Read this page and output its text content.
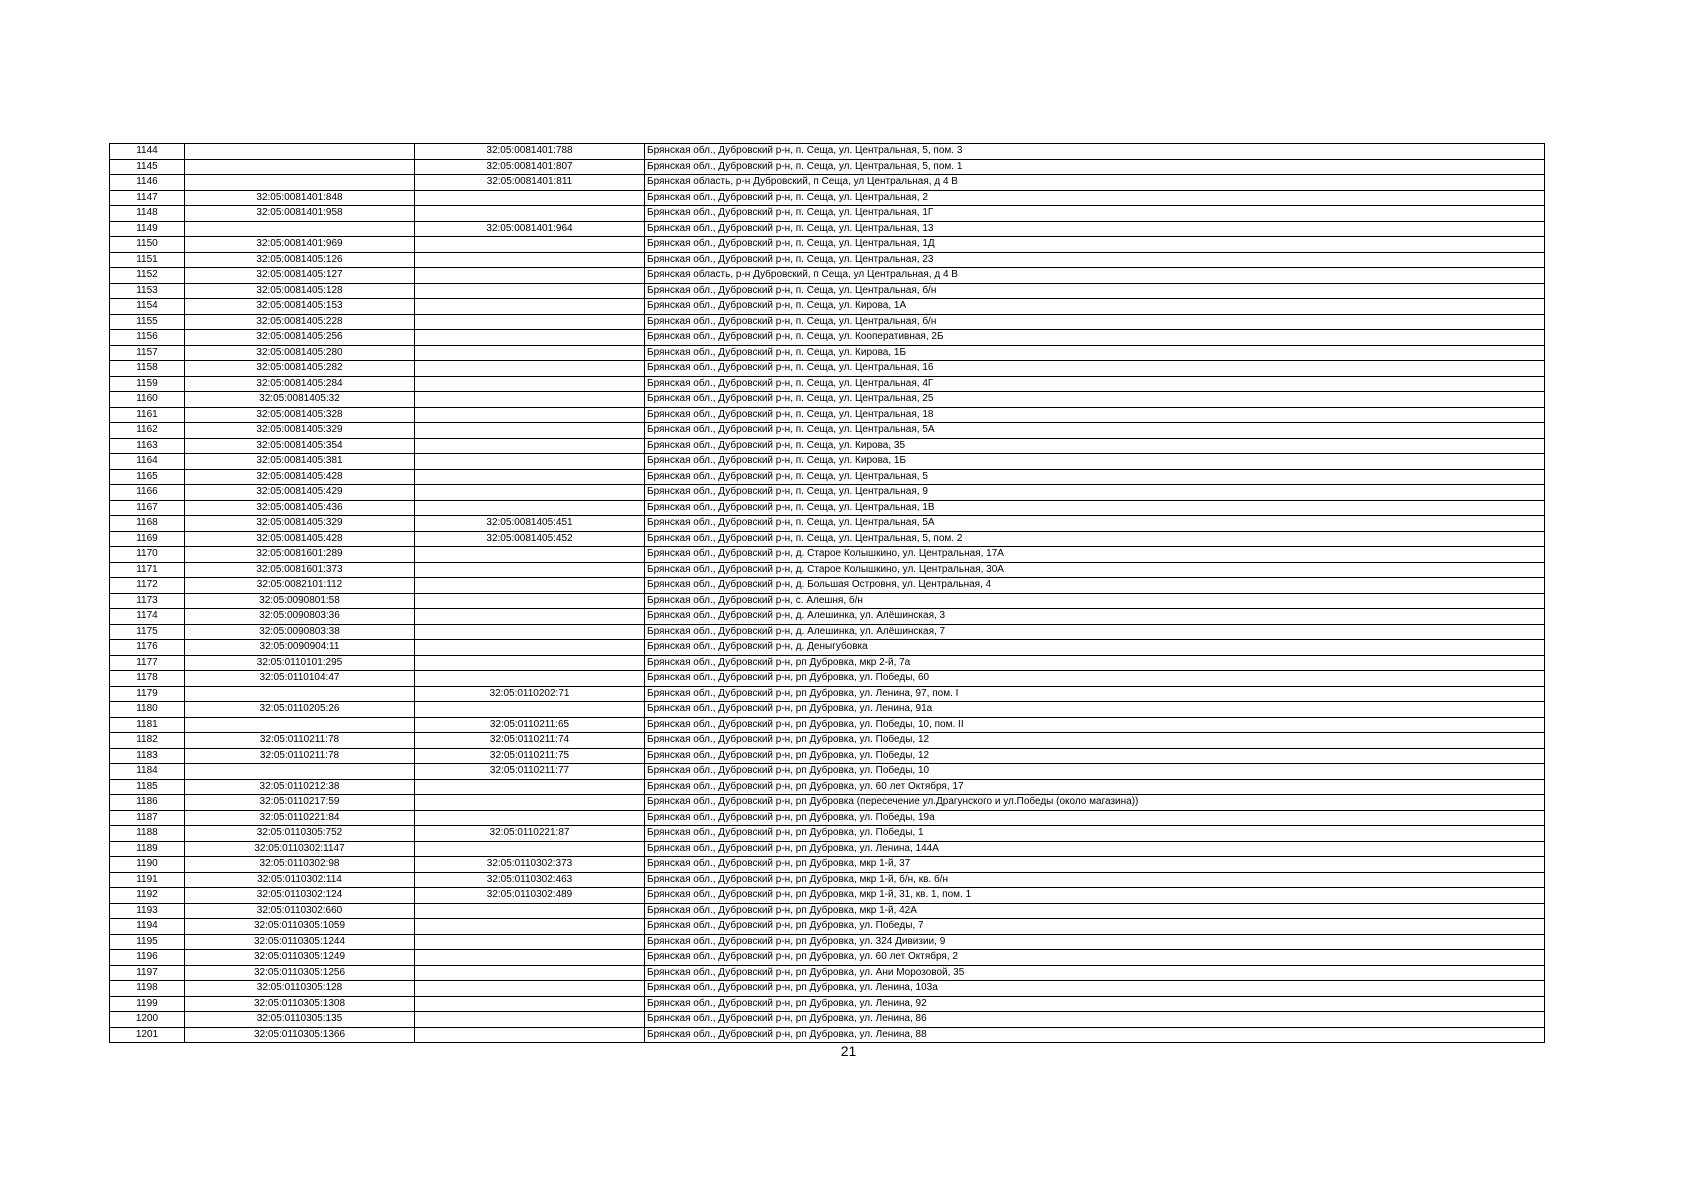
1144		32:05:0081401:788	Брянская обл., Дубровский р-н, п. Сеща, ул. Центральная, 5, пом. 3
1145		32:05:0081401:807	Брянская обл., Дубровский р-н, п. Сеща, ул. Центральная, 5, пом. 1
1146		32:05:0081401:811	Брянская область, р-н Дубровский, п Сеща, ул Центральная, д 4 В
1147	32:05:0081401:848		Брянская обл., Дубровский р-н, п. Сеща, ул. Центральная, 2
1148	32:05:0081401:958		Брянская обл., Дубровский р-н, п. Сеща, ул. Центральная, 1Г
1149		32:05:0081401:964	Брянская обл., Дубровский р-н, п. Сеща, ул. Центральная, 13
1150	32:05:0081401:969		Брянская обл., Дубровский р-н, п. Сеща, ул. Центральная, 1Д
1151	32:05:0081405:126		Брянская обл., Дубровский р-н, п. Сеща, ул. Центральная, 23
1152	32:05:0081405:127		Брянская область, р-н Дубровский, п Сеща, ул Центральная, д 4 В
1153	32:05:0081405:128		Брянская обл., Дубровский р-н, п. Сеща, ул. Центральная, б/н
1154	32:05:0081405:153		Брянская обл., Дубровский р-н, п. Сеща, ул. Кирова, 1А
1155	32:05:0081405:228		Брянская обл., Дубровский р-н, п. Сеща, ул. Центральная, б/н
1156	32:05:0081405:256		Брянская обл., Дубровский р-н, п. Сеща, ул. Кооперативная, 2Б
1157	32:05:0081405:280		Брянская обл., Дубровский р-н, п. Сеща, ул. Кирова, 1Б
1158	32:05:0081405:282		Брянская обл., Дубровский р-н, п. Сеща, ул. Центральная, 16
1159	32:05:0081405:284		Брянская обл., Дубровский р-н, п. Сеща, ул. Центральная, 4Г
1160	32:05:0081405:32		Брянская обл., Дубровский р-н, п. Сеща, ул. Центральная, 25
1161	32:05:0081405:328		Брянская обл., Дубровский р-н, п. Сеща, ул. Центральная, 18
1162	32:05:0081405:329		Брянская обл., Дубровский р-н, п. Сеща, ул. Центральная, 5А
1163	32:05:0081405:354		Брянская обл., Дубровский р-н, п. Сеща, ул. Кирова, 35
1164	32:05:0081405:381		Брянская обл., Дубровский р-н, п. Сеща, ул. Кирова, 1Б
1165	32:05:0081405:428		Брянская обл., Дубровский р-н, п. Сеща, ул. Центральная, 5
1166	32:05:0081405:429		Брянская обл., Дубровский р-н, п. Сеща, ул. Центральная, 9
1167	32:05:0081405:436		Брянская обл., Дубровский р-н, п. Сеща, ул. Центральная, 1В
1168	32:05:0081405:329	32:05:0081405:451	Брянская обл., Дубровский р-н, п. Сеща, ул. Центральная, 5А
1169	32:05:0081405:428	32:05:0081405:452	Брянская обл., Дубровский р-н, п. Сеща, ул. Центральная, 5, пом. 2
1170	32:05:0081601:289		Брянская обл., Дубровский р-н, д. Старое Колышкино, ул. Центральная, 17А
1171	32:05:0081601:373		Брянская обл., Дубровский р-н, д. Старое Колышкино, ул. Центральная, 30А
1172	32:05:0082101:112		Брянская обл., Дубровский р-н, д. Большая Островня, ул. Центральная, 4
1173	32:05:0090801:58		Брянская обл., Дубровский р-н, с. Алешня, б/н
1174	32:05:0090803:36		Брянская обл., Дубровский р-н, д. Алешинка, ул. Алёшинская, 3
1175	32:05:0090803:38		Брянская обл., Дубровский р-н, д. Алешинка, ул. Алёшинская, 7
1176	32:05:0090904:11		Брянская обл., Дубровский р-н, д. Деныгубовка
1177	32:05:0110101:295		Брянская обл., Дубровский р-н, рп Дубровка, мкр 2-й, 7а
1178	32:05:0110104:47		Брянская обл., Дубровский р-н, рп Дубровка, ул. Победы, 60
1179		32:05:0110202:71	Брянская обл., Дубровский р-н, рп Дубровка, ул. Ленина, 97, пом. I
1180	32:05:0110205:26		Брянская обл., Дубровский р-н, рп Дубровка, ул. Ленина, 91а
1181		32:05:0110211:65	Брянская обл., Дубровский р-н, рп Дубровка, ул. Победы, 10, пом. II
1182	32:05:0110211:78	32:05:0110211:74	Брянская обл., Дубровский р-н, рп Дубровка, ул. Победы, 12
1183	32:05:0110211:78	32:05:0110211:75	Брянская обл., Дубровский р-н, рп Дубровка, ул. Победы, 12
1184		32:05:0110211:77	Брянская обл., Дубровский р-н, рп Дубровка, ул. Победы, 10
1185	32:05:0110212:38		Брянская обл., Дубровский р-н, рп Дубровка, ул. 60 лет Октября, 17
1186	32:05:0110217:59		Брянская обл., Дубровский р-н, рп Дубровка (пересечение ул.Драгунского и ул.Победы (около магазина))
1187	32:05:0110221:84		Брянская обл., Дубровский р-н, рп Дубровка, ул. Победы, 19а
1188	32:05:0110305:752	32:05:0110221:87	Брянская обл., Дубровский р-н, рп Дубровка, ул. Победы, 1
1189	32:05:0110302:1147		Брянская обл., Дубровский р-н, рп Дубровка, ул. Ленина, 144А
1190	32:05:0110302:98	32:05:0110302:373	Брянская обл., Дубровский р-н, рп Дубровка, мкр 1-й, 37
1191	32:05:0110302:114	32:05:0110302:463	Брянская обл., Дубровский р-н, рп Дубровка, мкр 1-й, б/н, кв. б/н
1192	32:05:0110302:124	32:05:0110302:489	Брянская обл., Дубровский р-н, рп Дубровка, мкр 1-й, 31, кв. 1, пом. 1
1193	32:05:0110302:660		Брянская обл., Дубровский р-н, рп Дубровка, мкр 1-й, 42А
1194	32:05:0110305:1059		Брянская обл., Дубровский р-н, рп Дубровка, ул. Победы, 7
1195	32:05:0110305:1244		Брянская обл., Дубровский р-н, рп Дубровка, ул. 324 Дивизии, 9
1196	32:05:0110305:1249		Брянская обл., Дубровский р-н, рп Дубровка, ул. 60 лет Октября, 2
1197	32:05:0110305:1256		Брянская обл., Дубровский р-н, рп Дубровка, ул. Ани Морозовой, 35
1198	32:05:0110305:128		Брянская обл., Дубровский р-н, рп Дубровка, ул. Ленина, 103а
1199	32:05:0110305:1308		Брянская обл., Дубровский р-н, рп Дубровка, ул. Ленина, 92
1200	32:05:0110305:135		Брянская обл., Дубровский р-н, рп Дубровка, ул. Ленина, 86
1201	32:05:0110305:1366		Брянская обл., Дубровский р-н, рп Дубровка, ул. Ленина, 88
21
